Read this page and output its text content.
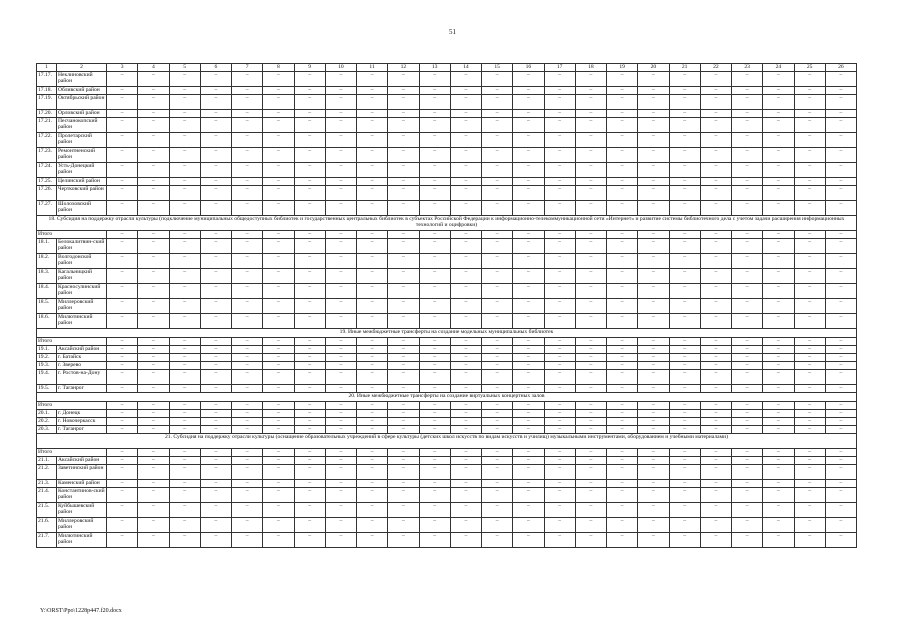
51
1	2	3	4	5	6	7	8	9	10	11	12	13	14	15	16	17	18	19	20	21	22	23	24	25	26
17.17.	Неклиновский район	–	–	–	–	–	–	–	–	–	–	–	–	–	–	–	–	–	–	–	–	–	–	–	–
17.18.	Обливский район	–	–	–	–	–	–	–	–	–	–	–	–	–	–	–	–	–	–	–	–	–	–	–	–
17.19.	Октябрьский район	–	–	–	–	–	–	–	–	–	–	–	–	–	–	–	–	–	–	–	–	–	–	–	–
17.20.	Орловский район	–	–	–	–	–	–	–	–	–	–	–	–	–	–	–	–	–	–	–	–	–	–	–	–
17.21.	Песчанокопский район	–	–	–	–	–	–	–	–	–	–	–	–	–	–	–	–	–	–	–	–	–	–	–	–
17.22.	Пролетарский район	–	–	–	–	–	–	–	–	–	–	–	–	–	–	–	–	–	–	–	–	–	–	–	–
17.23.	Ремонтненский район	–	–	–	–	–	–	–	–	–	–	–	–	–	–	–	–	–	–	–	–	–	–	–	–
17.24.	Усть-Донецкий район	–	–	–	–	–	–	–	–	–	–	–	–	–	–	–	–	–	–	–	–	–	–	–	–
17.25.	Целинский район	–	–	–	–	–	–	–	–	–	–	–	–	–	–	–	–	–	–	–	–	–	–	–	–
17.26.	Чертковский район	–	–	–	–	–	–	–	–	–	–	–	–	–	–	–	–	–	–	–	–	–	–	–	–
17.27.	Шолоховский район	–	–	–	–	–	–	–	–	–	–	–	–	–	–	–	–	–	–	–	–	–	–	–	–
18. Субсидия на поддержку отрасли культуры (подключение муниципальных общедоступных библиотек и государственных центральных библиотек в субъектах Российской Федерации к информационно-телекоммуникационной сети «Интернет» и развитие системы библиотечного дела с учетом задачи расширения информационных технологий и оцифровки)																									
Итого		–	–	–	–	–	–	–	–	–	–	–	–	–	–	–	–	–	–	–	–	–	–	–	–
18.1.	Белокалитвин-ский район	–	–	–	–	–	–	–	–	–	–	–	–	–	–	–	–	–	–	–	–	–	–	–	–
18.2.	Волгодонской район	–	–	–	–	–	–	–	–	–	–	–	–	–	–	–	–	–	–	–	–	–	–	–	–
18.3.	Кагальницкий район	–	–	–	–	–	–	–	–	–	–	–	–	–	–	–	–	–	–	–	–	–	–	–	–
18.4.	Красносулинский район	–	–	–	–	–	–	–	–	–	–	–	–	–	–	–	–	–	–	–	–	–	–	–	–
18.5.	Миллеровский район	–	–	–	–	–	–	–	–	–	–	–	–	–	–	–	–	–	–	–	–	–	–	–	–
18.6.	Милютинский район	–	–	–	–	–	–	–	–	–	–	–	–	–	–	–	–	–	–	–	–	–	–	–	–
19. Иные межбюджетные трансферты на создание модельных муниципальных библиотек																									
Итого		–	–	–	–	–	–	–	–	–	–	–	–	–	–	–	–	–	–	–	–	–	–	–	–
19.1.	Аксайский район	–	–	–	–	–	–	–	–	–	–	–	–	–	–	–	–	–	–	–	–	–	–	–	–
19.2.	г. Батайск	–	–	–	–	–	–	–	–	–	–	–	–	–	–	–	–	–	–	–	–	–	–	–	–
19.3.	г. Зверево	–	–	–	–	–	–	–	–	–	–	–	–	–	–	–	–	–	–	–	–	–	–	–	–
19.4.	г. Ростов-на-Дону	–	–	–	–	–	–	–	–	–	–	–	–	–	–	–	–	–	–	–	–	–	–	–	–
19.5.	г. Таганрог	–	–	–	–	–	–	–	–	–	–	–	–	–	–	–	–	–	–	–	–	–	–	–	–
20. Иные межбюджетные трансферты на создание виртуальных концертных залов																									
Итого		–	–	–	–	–	–	–	–	–	–	–	–	–	–	–	–	–	–	–	–	–	–	–	–
20.1.	г. Донецк	–	–	–	–	–	–	–	–	–	–	–	–	–	–	–	–	–	–	–	–	–	–	–	–
20.2.	г. Новочеркасск	–	–	–	–	–	–	–	–	–	–	–	–	–	–	–	–	–	–	–	–	–	–	–	–
20.3.	г. Таганрог	–	–	–	–	–	–	–	–	–	–	–	–	–	–	–	–	–	–	–	–	–	–	–	–
21. Субсидия на поддержку отрасли культуры (оснащение образовательных учреждений в сфере культуры (детских школ искусств по видам искусств и училищ) музыкальными инструментами, оборудованием и учебными материалами)																									
Итого		–	–	–	–	–	–	–	–	–	–	–	–	–	–	–	–	–	–	–	–	–	–	–	–
21.1.	Аксайский район	–	–	–	–	–	–	–	–	–	–	–	–	–	–	–	–	–	–	–	–	–	–	–	–
21.2.	Заветинский район	–	–	–	–	–	–	–	–	–	–	–	–	–	–	–	–	–	–	–	–	–	–	–	–
21.3.	Каменский район	–	–	–	–	–	–	–	–	–	–	–	–	–	–	–	–	–	–	–	–	–	–	–	–
21.4.	Константинов-ский район	–	–	–	–	–	–	–	–	–	–	–	–	–	–	–	–	–	–	–	–	–	–	–	–
21.5.	Куйбышевский район	–	–	–	–	–	–	–	–	–	–	–	–	–	–	–	–	–	–	–	–	–	–	–	–
21.6.	Миллеровский район	–	–	–	–	–	–	–	–	–	–	–	–	–	–	–	–	–	–	–	–	–	–	–	–
21.7.	Милютинский район	–	–	–	–	–	–	–	–	–	–	–	–	–	–	–	–	–	–	–	–	–	–	–	–
Y:\ORST\Ppo\1228p447.f20.docx
